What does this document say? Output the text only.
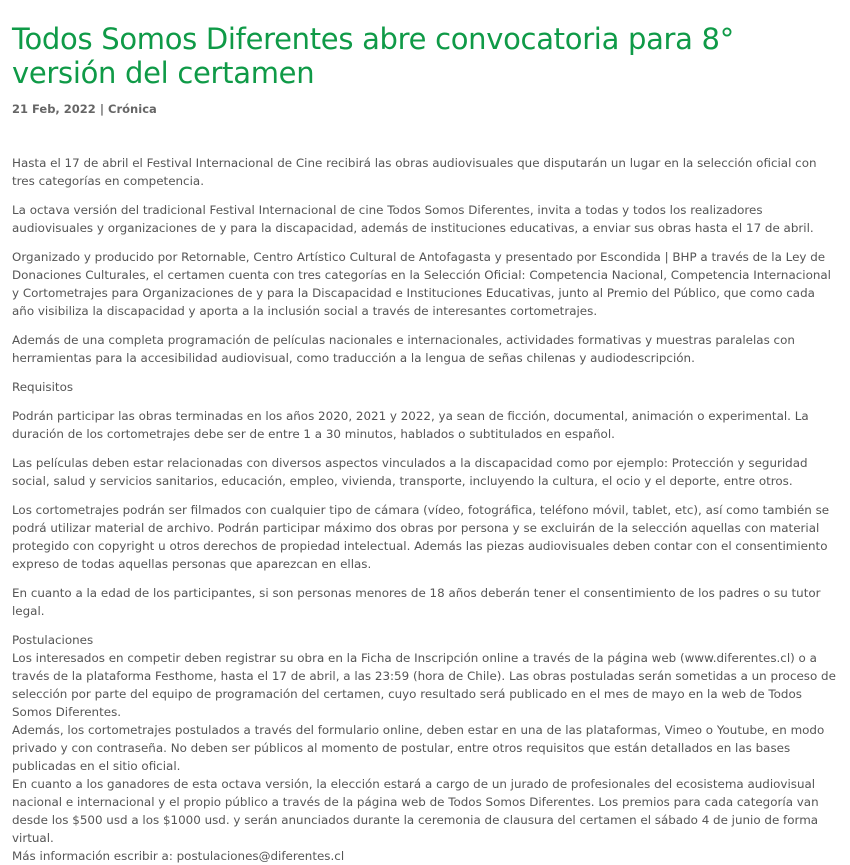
Todos Somos Diferentes abre convocatoria para 8° versión del certamen
21 Feb, 2022 | Crónica

Hasta el 17 de abril el Festival Internacional de Cine recibirá las obras audiovisuales que disputarán un lugar en la selección oficial con tres categorías en competencia.

La octava versión del tradicional Festival Internacional de cine Todos Somos Diferentes, invita a todas y todos los realizadores audiovisuales y organizaciones de y para la discapacidad, además de instituciones educativas, a enviar sus obras hasta el 17 de abril.

Organizado y producido por Retornable, Centro Artístico Cultural de Antofagasta y presentado por Escondida | BHP a través de la Ley de Donaciones Culturales, el certamen cuenta con tres categorías en la Selección Oficial: Competencia Nacional, Competencia Internacional y Cortometrajes para Organizaciones de y para la Discapacidad e Instituciones Educativas, junto al Premio del Público, que como cada año visibiliza la discapacidad y aporta a la inclusión social a través de interesantes cortometrajes.

Además de una completa programación de películas nacionales e internacionales, actividades formativas y muestras paralelas con herramientas para la accesibilidad audiovisual, como traducción a la lengua de señas chilenas y audiodescripción.

Requisitos

Podrán participar las obras terminadas en los años 2020, 2021 y 2022, ya sean de ficción, documental, animación o experimental. La duración de los cortometrajes debe ser de entre 1 a 30 minutos, hablados o subtitulados en español.

Las películas deben estar relacionadas con diversos aspectos vinculados a la discapacidad como por ejemplo: Protección y seguridad social, salud y servicios sanitarios, educación, empleo, vivienda, transporte, incluyendo la cultura, el ocio y el deporte, entre otros.

Los cortometrajes podrán ser filmados con cualquier tipo de cámara (vídeo, fotográfica, teléfono móvil, tablet, etc), así como también se podrá utilizar material de archivo. Podrán participar máximo dos obras por persona y se excluirán de la selección aquellas con material protegido con copyright u otros derechos de propiedad intelectual. Además las piezas audiovisuales deben contar con el consentimiento expreso de todas aquellas personas que aparezcan en ellas.

En cuanto a la edad de los participantes, si son personas menores de 18 años deberán tener el consentimiento de los padres o su tutor legal.

Postulaciones

Los interesados en competir deben registrar su obra en la Ficha de Inscripción online a través de la página web (www.diferentes.cl) o a través de la plataforma Festhome, hasta el 17 de abril, a las 23:59 (hora de Chile). Las obras postuladas serán sometidas a un proceso de selección por parte del equipo de programación del certamen, cuyo resultado será publicado en el mes de mayo en la web de Todos Somos Diferentes.

Además, los cortometrajes postulados a través del formulario online, deben estar en una de las plataformas, Vimeo o Youtube, en modo privado y con contraseña. No deben ser públicos al momento de postular, entre otros requisitos que están detallados en las bases publicadas en el sitio oficial.

En cuanto a los ganadores de esta octava versión, la elección estará a cargo de un jurado de profesionales del ecosistema audiovisual nacional e internacional y el propio público a través de la página web de Todos Somos Diferentes. Los premios para cada categoría van desde los $500 usd a los $1000 usd. y serán anunciados durante la ceremonia de clausura del certamen el sábado 4 de junio de forma virtual.

Más información escribir a: postulaciones@diferentes.cl
